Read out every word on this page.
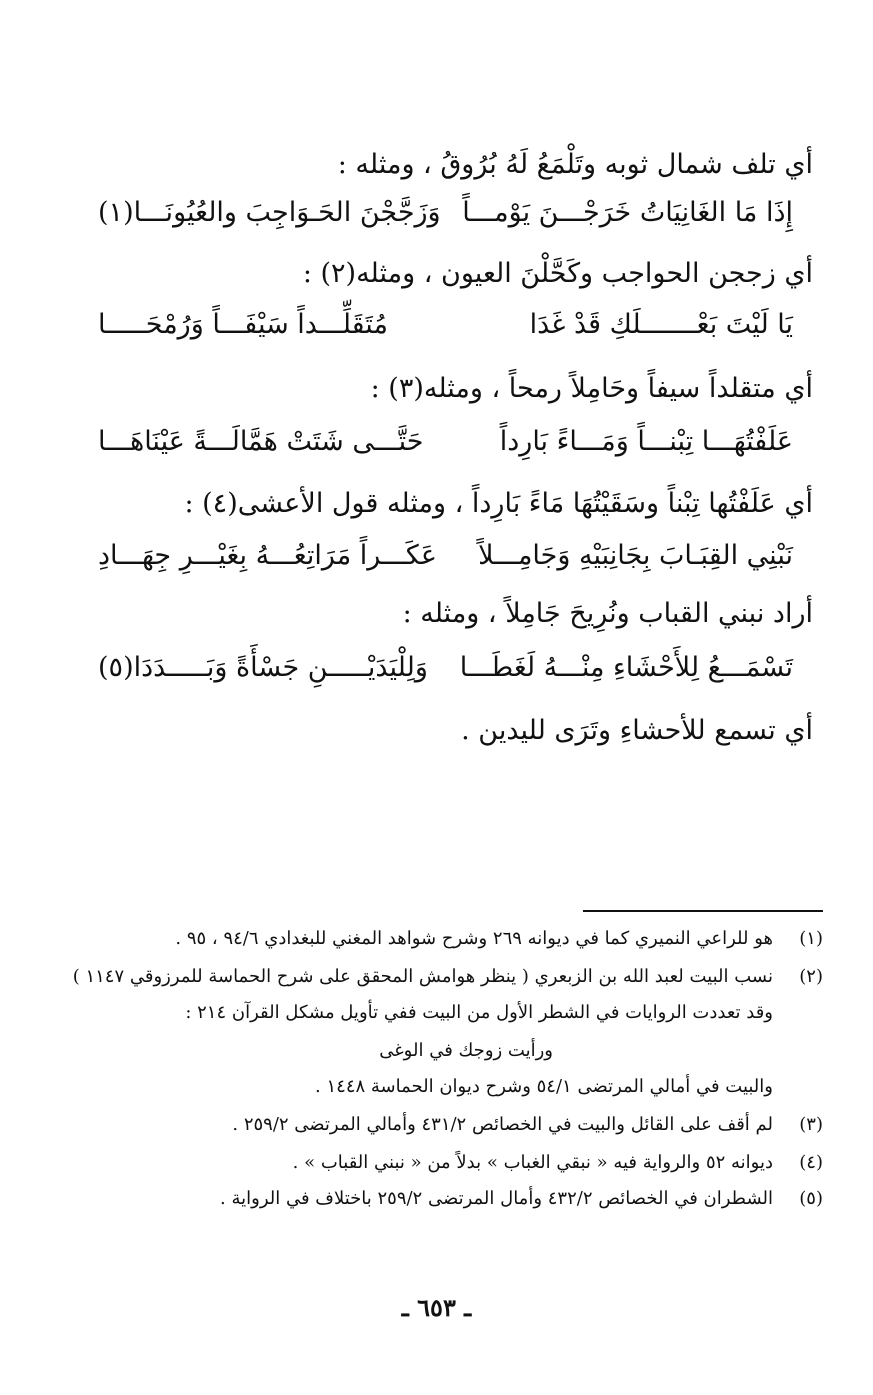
أي تلف شمال ثوبه وتَلْمَعُ لَهُ بُرُوقُ ، ومثله :
إِذَا مَا الغَانِيَاتُ خَرَجْـــنَ يَوْمـــاً
وَزَجَّجْنَ الحَـوَاجِبَ والعُيُونَـــا(١)
أي زججن الحواجب وكَحَّلْنَ العيون ، ومثله(٢) :
يَا لَيْتَ بَعْـــــــلَكِ قَدْ غَدَا
مُتَقَلِّـــداً سَيْفَـــاً وَرُمْحَـــــا
أي متقلداً سيفاً وحَامِلاً رمحاً ، ومثله(٣) :
عَلَفْتُهَـــا تِبْنـــاً وَمَـــاءً بَارِداً
حَتَّـــى شَتَتْ هَمَّالَـــةً عَيْنَاهَـــا
أي عَلَفْتُها تِبْناً وسَقَيْتُهَا مَاءً بَارِداً ، ومثله قول الأعشى(٤) :
نَبْنِي القِبَـابَ بِجَانِبَيْهِ وَجَامِـــلاً
عَكَـــراً مَرَاتِعُـــهُ بِغَيْـــرِ جِهَـــادِ
أراد نبني القباب ونُرِيحَ جَامِلاً ، ومثله :
تَسْمَـــعُ لِلأَحْشَاءِ مِنْـــهُ لَغَطَـــا
وَلِلْيَدَيْـــــنِ جَسْأَةً وَبَـــــدَدَا(٥)
أي تسمع للأحشاءِ وتَرَى لليدين .
(١)
هو للراعي النميري كما في ديوانه ٢٦٩ وشرح شواهد المغني للبغدادي ٩٤/٦ ، ٩٥ .
(٢)
نسب البيت لعبد الله بن الزبعري ( ينظر هوامش المحقق على شرح الحماسة للمرزوقي ١١٤٧ )
وقد تعددت الروايات في الشطر الأول من البيت ففي تأويل مشكل القرآن ٢١٤ :
ورأيت زوجك في الوغى
والبيت في أمالي المرتضى ٥٤/١ وشرح ديوان الحماسة ١٤٤٨ .
(٣)
لم أقف على القائل والبيت في الخصائص ٤٣١/٢ وأمالي المرتضى ٢٥٩/٢ .
(٤)
ديوانه ٥٢ والرواية فيه « نبقي الغباب » بدلاً من « نبني القباب » .
(٥)
الشطران في الخصائص ٤٣٢/٢ وأمال المرتضى ٢٥٩/٢ باختلاف في الرواية .
ـ ٦٥٣ ـ
